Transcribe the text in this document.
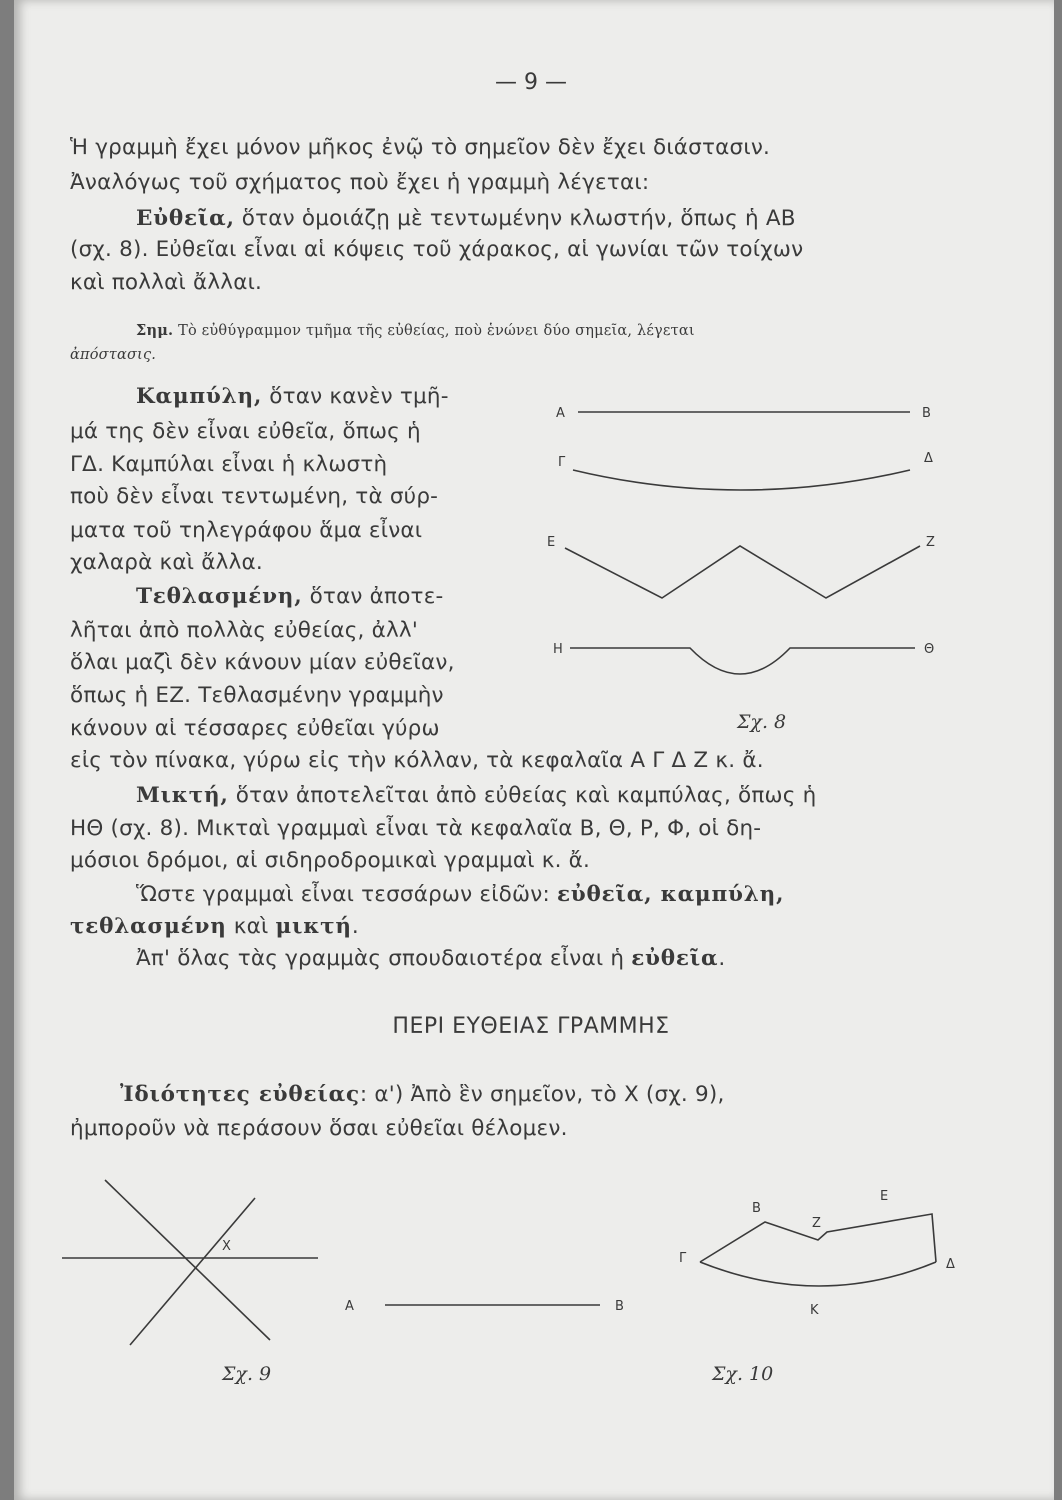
— 9 —
Ἡ γραμμὴ ἔχει μόνον μῆκος ἐνῷ τὸ σημεῖον δὲν ἔχει διάστασιν.
Ἀναλόγως τοῦ σχήματος ποὺ ἔχει ἡ γραμμὴ λέγεται:
Εὐθεῖα, ὅταν ὁμοιάζῃ μὲ τεντωμένην κλωστήν, ὅπως ἡ ΑΒ
(σχ. 8). Εὐθεῖαι εἶναι αἱ κόψεις τοῦ χάρακος, αἱ γωνίαι τῶν τοίχων
καὶ πολλαὶ ἄλλαι.
Σημ. Τὸ εὐθύγραμμον τμῆμα τῆς εὐθείας, ποὺ ἑνώνει δύο σημεῖα, λέγεται
ἀπόστασις.
Καμπύλη, ὅταν κανὲν τμῆ-
μά της δὲν εἶναι εὐθεῖα, ὅπως ἡ
ΓΔ. Καμπύλαι εἶναι ἡ κλωστὴ
ποὺ δὲν εἶναι τεντωμένη, τὰ σύρ-
ματα τοῦ τηλεγράφου ἅμα εἶναι
χαλαρὰ καὶ ἄλλα.
Τεθλασμένη, ὅταν ἀποτε-
λῆται ἀπὸ πολλὰς εὐθείας, ἀλλ'
ὅλαι μαζὶ δὲν κάνουν μίαν εὐθεῖαν,
ὅπως ἡ ΕΖ. Τεθλασμένην γραμμὴν
κάνουν αἱ τέσσαρες εὐθεῖαι γύρω
εἰς τὸν πίνακα, γύρω εἰς τὴν κόλλαν, τὰ κεφαλαῖα Α Γ Δ Ζ κ. ἄ.
Μικτή, ὅταν ἀποτελεῖται ἀπὸ εὐθείας καὶ καμπύλας, ὅπως ἡ
ΗΘ (σχ. 8). Μικταὶ γραμμαὶ εἶναι τὰ κεφαλαῖα Β, Θ, Ρ, Φ, οἱ δη-
μόσιοι δρόμοι, αἱ σιδηροδρομικαὶ γραμμαὶ κ. ἄ.
Ὥστε γραμμαὶ εἶναι τεσσάρων εἰδῶν: εὐθεῖα, καμπύλη,
τεθλασμένη καὶ μικτή.
Ἀπ' ὅλας τὰς γραμμὰς σπουδαιοτέρα εἶναι ἡ εὐθεῖα.
ΠΕΡΙ ΕΥΘΕΙΑΣ ΓΡΑΜΜΗΣ
Ἰδιότητες εὐθείας: α') Ἀπὸ ἓν σημεῖον, τὸ Χ (σχ. 9),
ἠμποροῦν νὰ περάσουν ὅσαι εὐθεῖαι θέλομεν.
Α	Β
Γ	Δ
Ε	Ζ
Η	Θ
Σχ. 8
Χ
Α	Β
Σχ. 9
Β
Ζ
Ε
Γ	Δ
Κ
Σχ. 10
